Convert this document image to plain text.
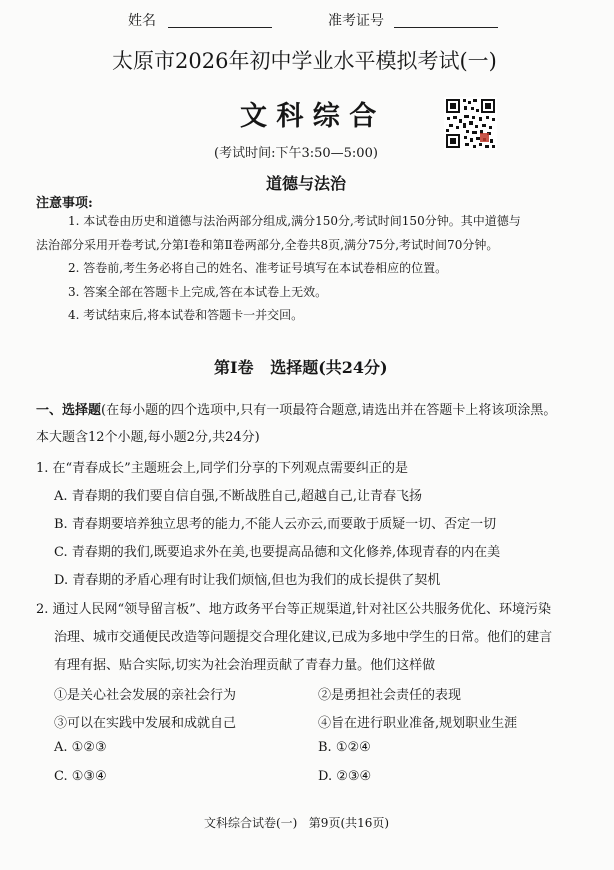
姓名	准考证号
太原市2026年初中学业水平模拟考试(一)
文 科 综 合
(考试时间:下午3:50—5:00)
道德与法治
注意事项:
1. 本试卷由历史和道德与法治两部分组成,满分150分,考试时间150分钟。其中道德与
法治部分采用开卷考试,分第Ⅰ卷和第Ⅱ卷两部分,全卷共8页,满分75分,考试时间70分钟。
2. 答卷前,考生务必将自己的姓名、准考证号填写在本试卷相应的位置。
3. 答案全部在答题卡上完成,答在本试卷上无效。
4. 考试结束后,将本试卷和答题卡一并交回。
第Ⅰ卷   选择题(共24分)
一、选择题(在每小题的四个选项中,只有一项最符合题意,请选出并在答题卡上将该项涂黑。
本大题含12个小题,每小题2分,共24分)
1. 在“青春成长”主题班会上,同学们分享的下列观点需要纠正的是
A. 青春期的我们要自信自强,不断战胜自己,超越自己,让青春飞扬
B. 青春期要培养独立思考的能力,不能人云亦云,而要敢于质疑一切、否定一切
C. 青春期的我们,既要追求外在美,也要提高品德和文化修养,体现青春的内在美
D. 青春期的矛盾心理有时让我们烦恼,但也为我们的成长提供了契机
2. 通过人民网“领导留言板”、地方政务平台等正规渠道,针对社区公共服务优化、环境污染
治理、城市交通便民改造等问题提交合理化建议,已成为多地中学生的日常。他们的建言
有理有据、贴合实际,切实为社会治理贡献了青春力量。他们这样做
①是关心社会发展的亲社会行为	②是勇担社会责任的表现
③可以在实践中发展和成就自己	④旨在进行职业准备,规划职业生涯
A. ①②③	B. ①②④
C. ①③④	D. ②③④
文科综合试卷(一)   第9页(共16页)
